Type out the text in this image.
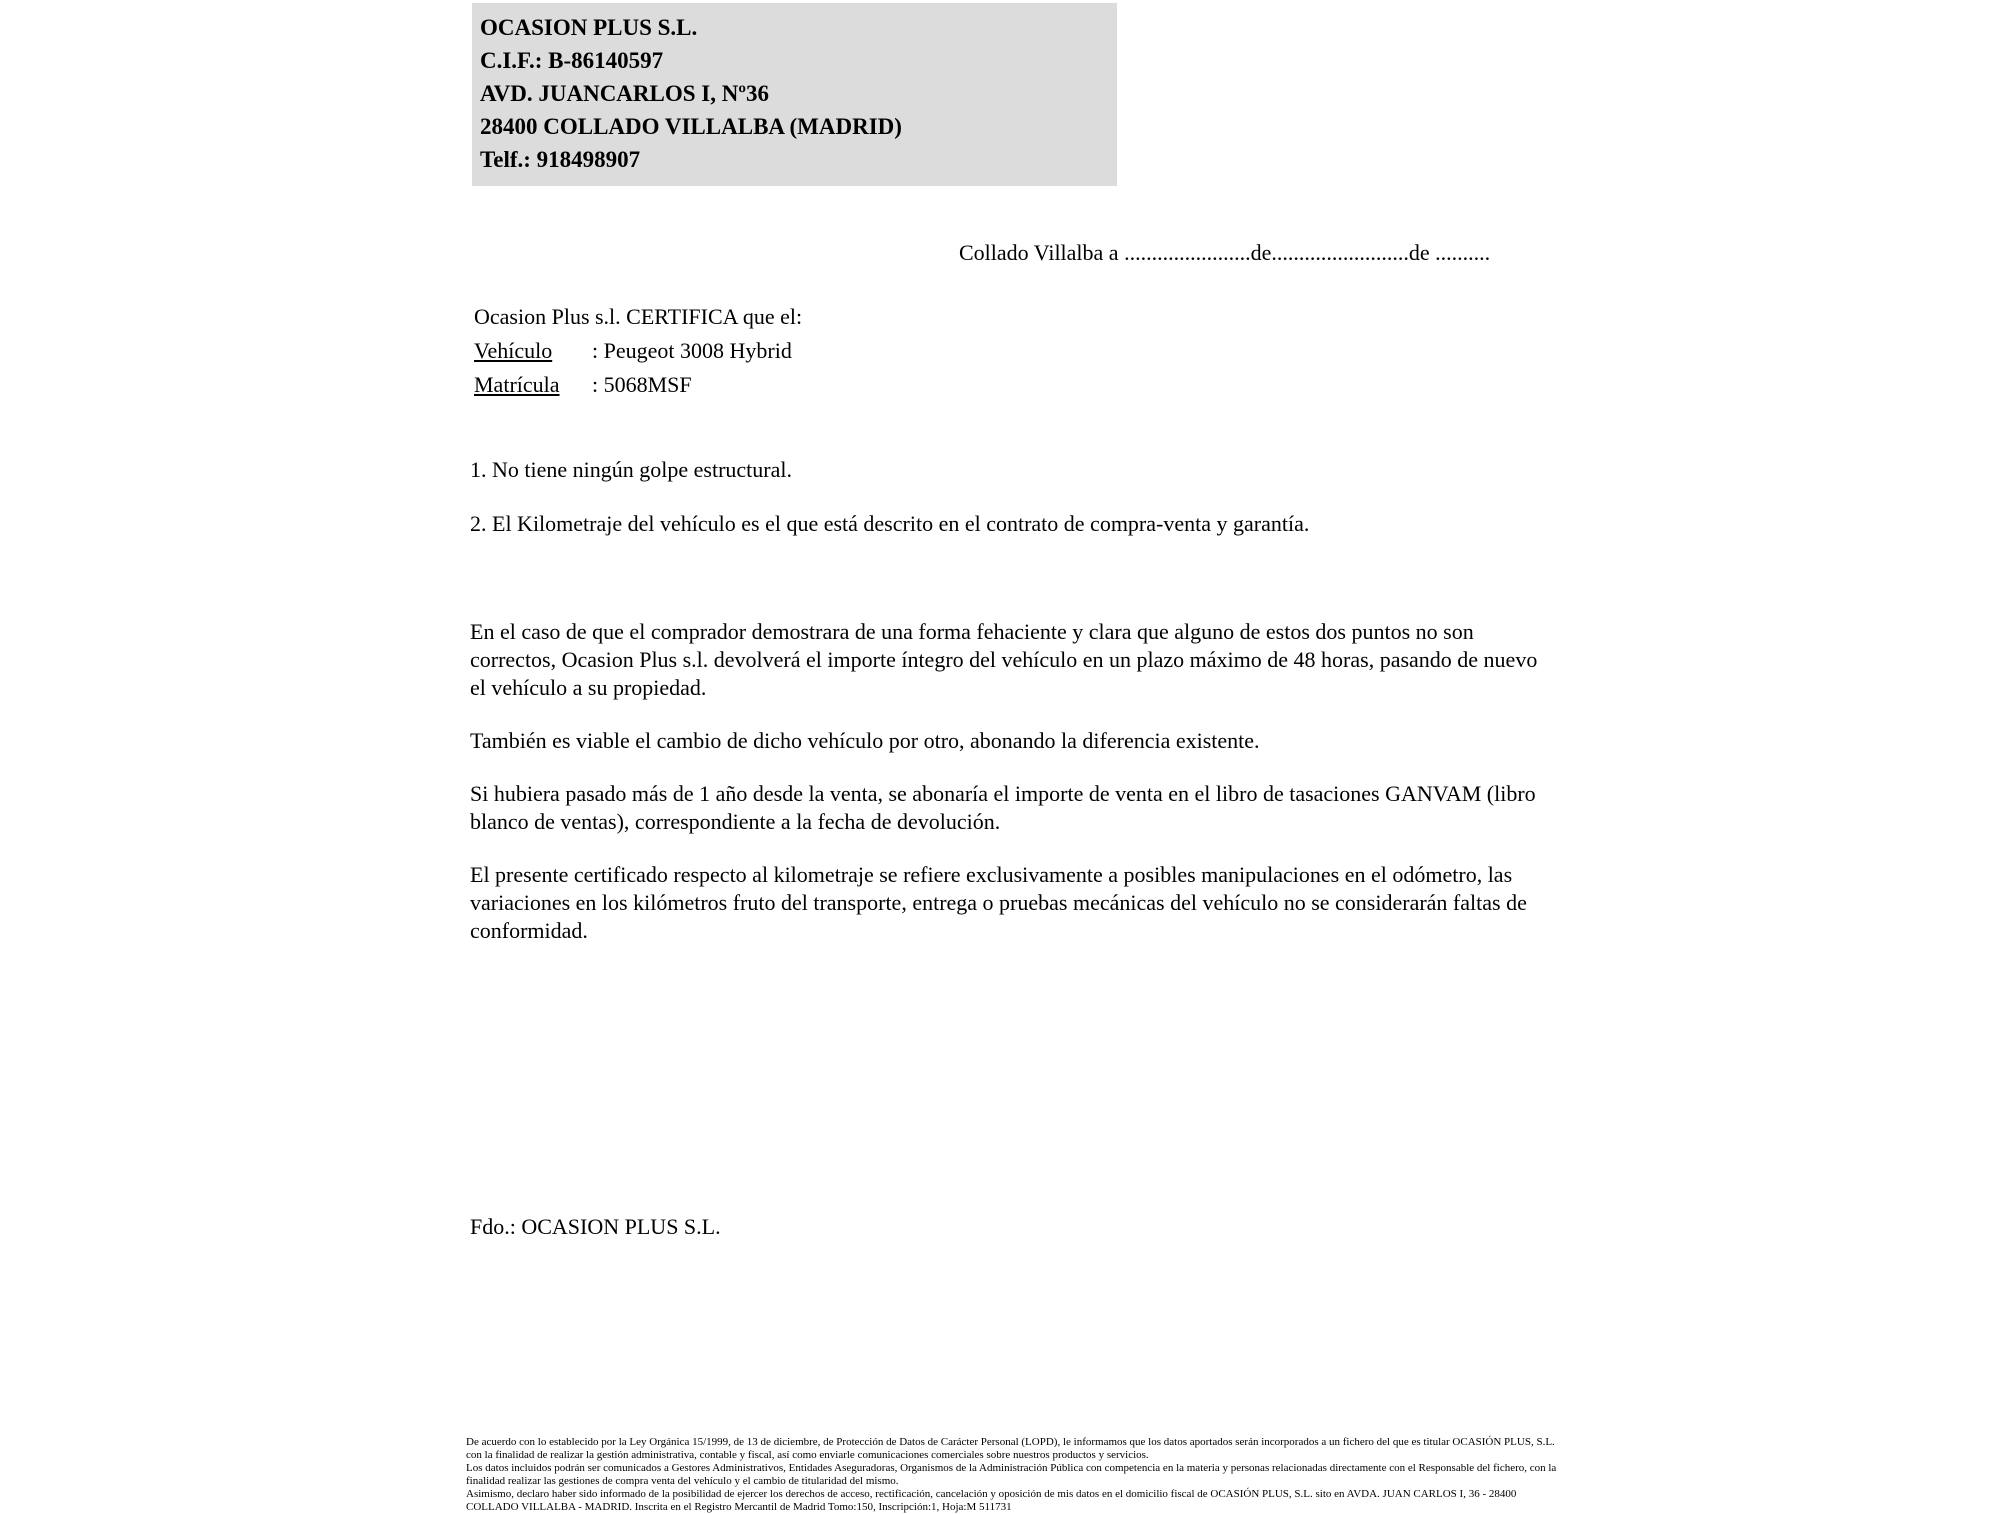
OCASION PLUS S.L.
C.I.F.: B-86140597
AVD. JUANCARLOS I, Nº36
28400 COLLADO VILLALBA (MADRID)
Telf.: 918498907
Collado Villalba a .......................de.........................de ..........
Ocasion Plus s.l. CERTIFICA que el:
Vehículo : Peugeot 3008 Hybrid
Matrícula : 5068MSF

1. No tiene ningún golpe estructural.

2. El Kilometraje del vehículo es el que está descrito en el contrato de compra-venta y garantía.

En el caso de que el comprador demostrara de una forma fehaciente y clara que alguno de estos dos puntos no son correctos, Ocasion Plus s.l. devolverá el importe íntegro del vehículo en un plazo máximo de 48 horas, pasando de nuevo el vehículo a su propiedad.

También es viable el cambio de dicho vehículo por otro, abonando la diferencia existente.

Si hubiera pasado más de 1 año desde la venta, se abonaría el importe de venta en el libro de tasaciones GANVAM (libro blanco de ventas), correspondiente a la fecha de devolución.

El presente certificado respecto al kilometraje se refiere exclusivamente a posibles manipulaciones en el odómetro, las variaciones en los kilómetros fruto del transporte, entrega o pruebas mecánicas del vehículo no se considerarán faltas de conformidad.

Fdo.: OCASION PLUS S.L.

De acuerdo con lo establecido por la Ley Orgánica 15/1999, de 13 de diciembre, de Protección de Datos de Carácter Personal (LOPD), le informamos que los datos aportados serán incorporados a un fichero del que es titular OCASIÓN PLUS, S.L. con la finalidad de realizar la gestión administrativa, contable y fiscal, así como enviarle comunicaciones comerciales sobre nuestros productos y servicios.

Los datos incluidos podrán ser comunicados a Gestores Administrativos, Entidades Aseguradoras, Organismos de la Administración Pública con competencia en la materia y personas relacionadas directamente con el Responsable del fichero, con la finalidad realizar las gestiones de compra venta del vehículo y el cambio de titularidad del mismo.

Asimismo, declaro haber sido informado de la posibilidad de ejercer los derechos de acceso, rectificación, cancelación y oposición de mis datos en el domicilio fiscal de OCASIÓN PLUS, S.L. sito en AVDA. JUAN CARLOS I, 36 - 28400 COLLADO VILLALBA - MADRID. Inscrita en el Registro Mercantil de Madrid Tomo:150, Inscripción:1, Hoja:M 511731
